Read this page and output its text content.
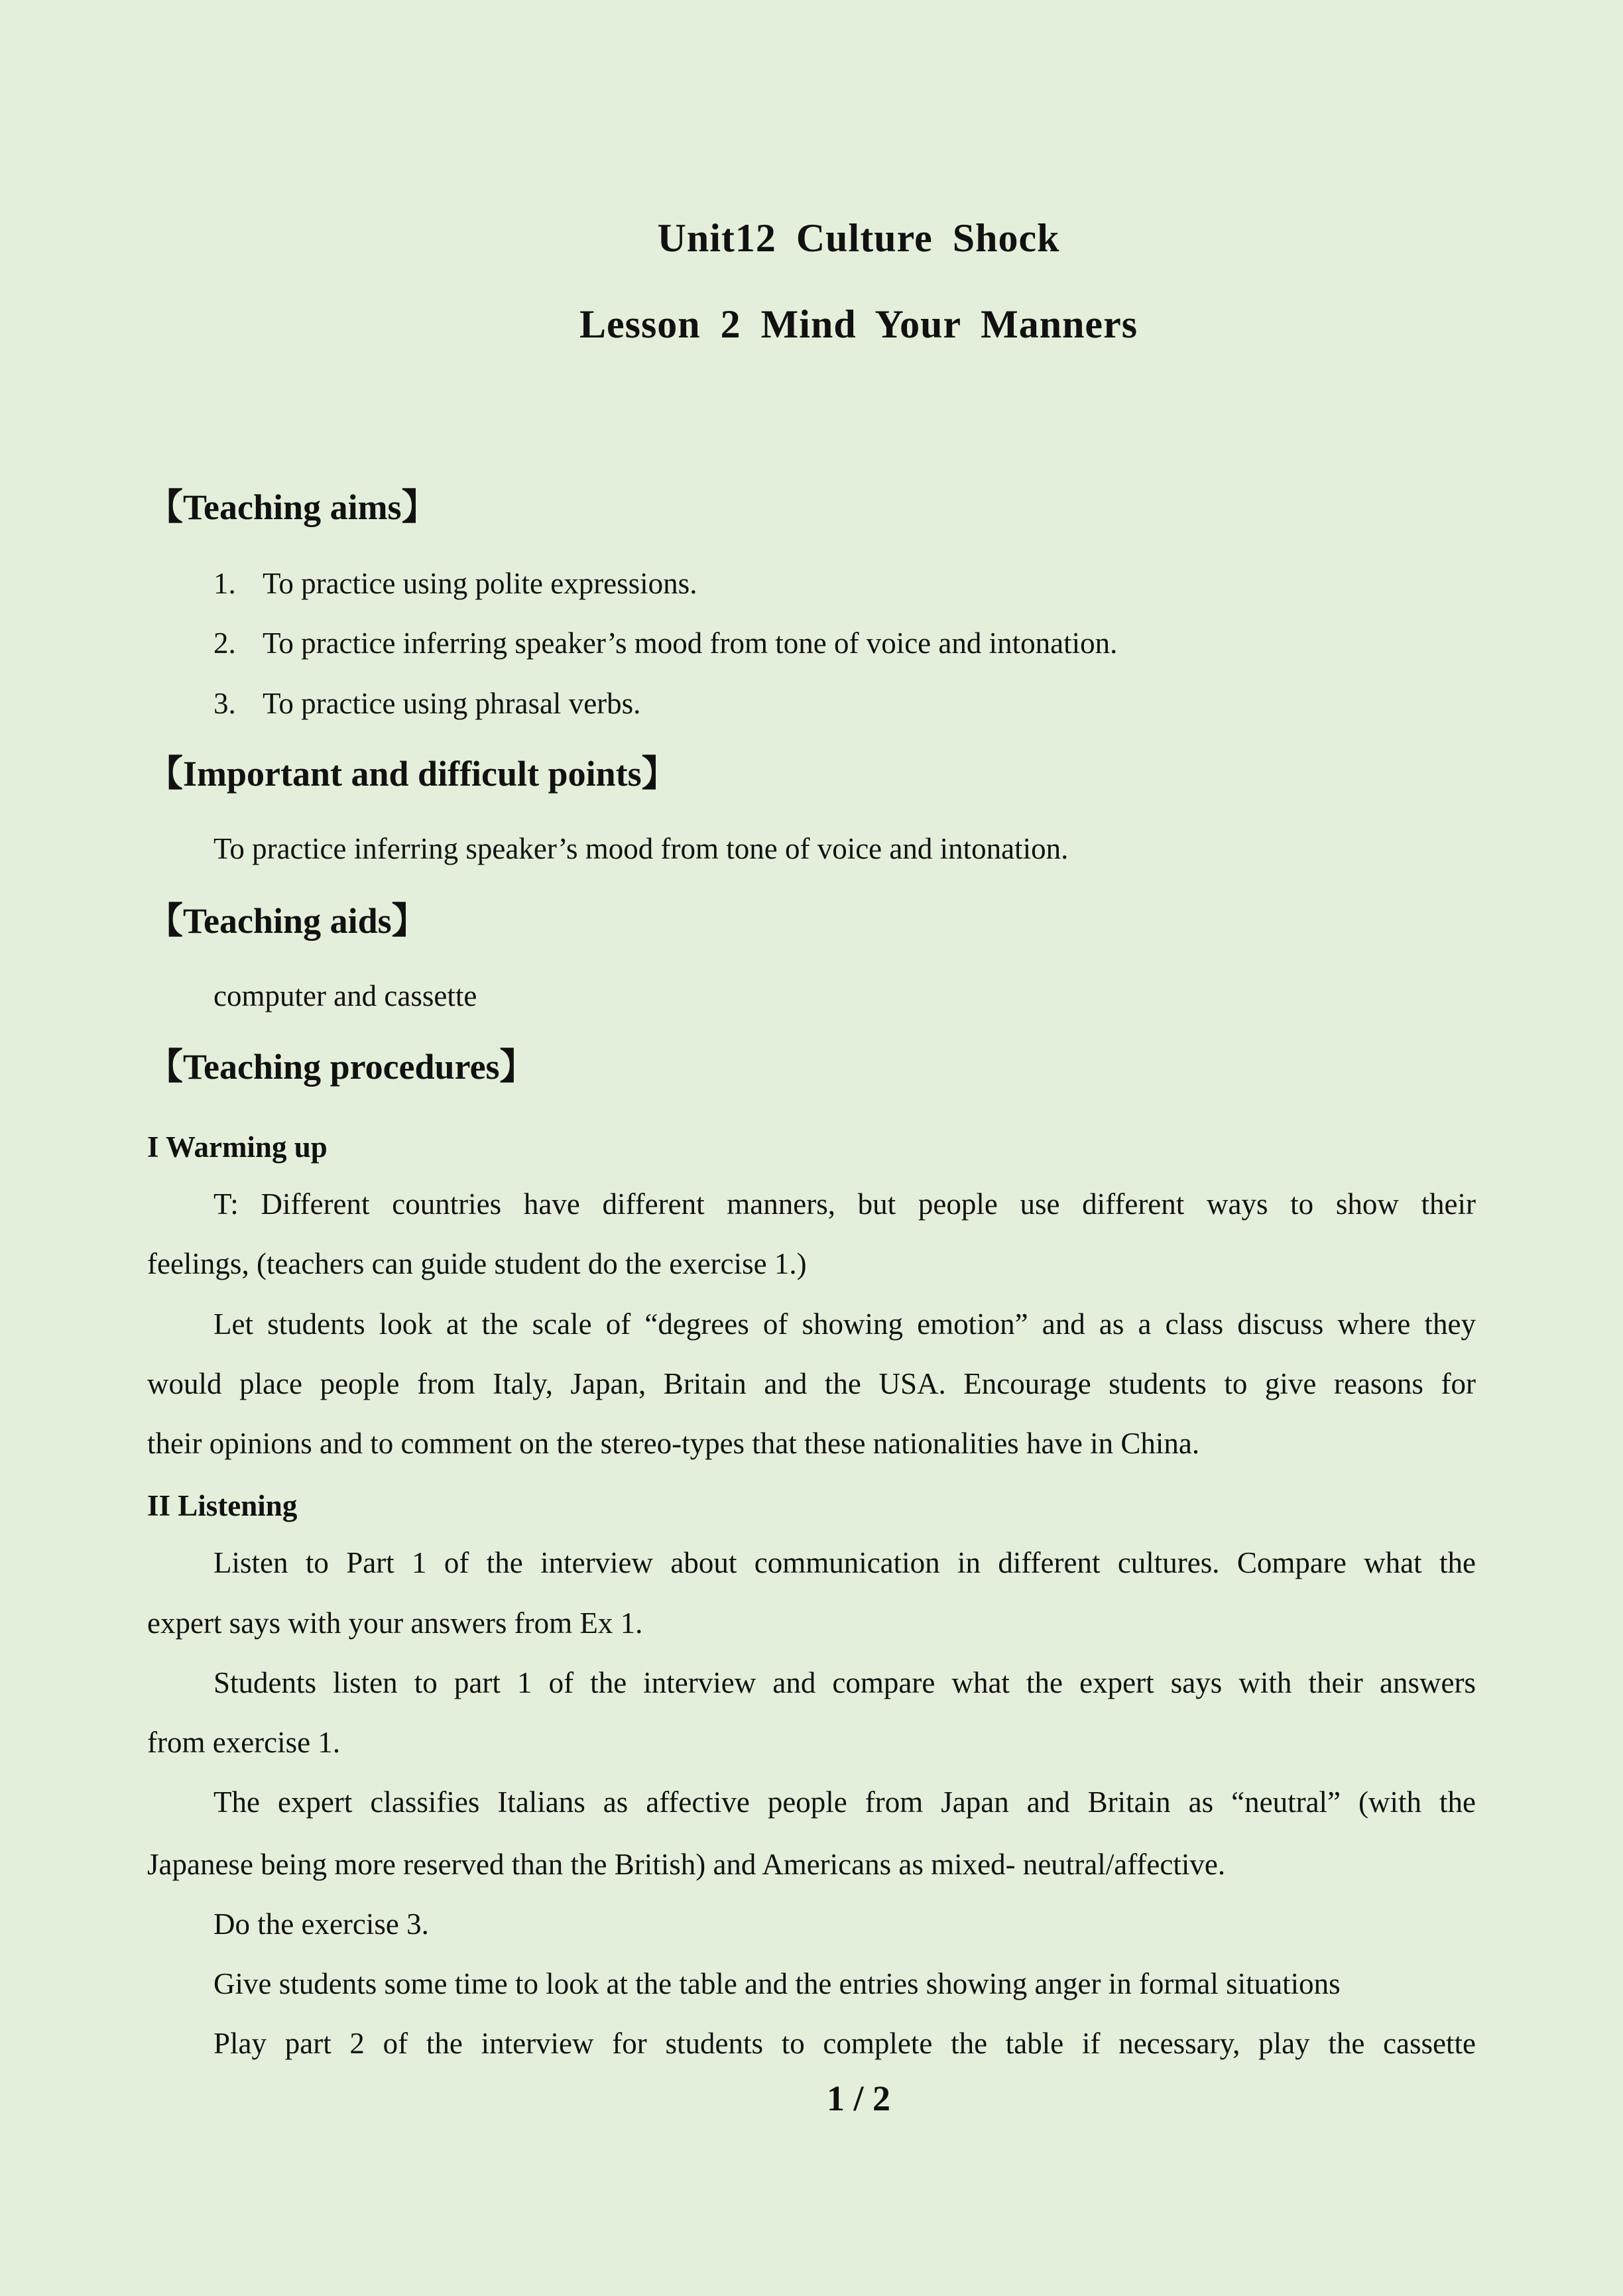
Unit12 Culture Shock
Lesson 2 Mind Your Manners
【Teaching aims】
1. To practice using polite expressions.
2. To practice inferring speaker’s mood from tone of voice and intonation.
3. To practice using phrasal verbs.
【Important and difficult points】
To practice inferring speaker’s mood from tone of voice and intonation.
【Teaching aids】
computer and cassette
【Teaching procedures】
I Warming up
T: Different countries have different manners, but people use different ways to show their
feelings, (teachers can guide student do the exercise 1.)
Let students look at the scale of “degrees of showing emotion” and as a class discuss where they
would place people from Italy, Japan, Britain and the USA. Encourage students to give reasons for
their opinions and to comment on the stereo-types that these nationalities have in China.
II Listening
Listen to Part 1 of the interview about communication in different cultures. Compare what the
expert says with your answers from Ex 1.
Students listen to part 1 of the interview and compare what the expert says with their answers
from exercise 1.
The expert classifies Italians as affective people from Japan and Britain as “neutral” (with the
Japanese being more reserved than the British) and Americans as mixed- neutral/affective.
Do the exercise 3.
Give students some time to look at the table and the entries showing anger in formal situations
Play part 2 of the interview for students to complete the table if necessary, play the cassette
1 / 2
